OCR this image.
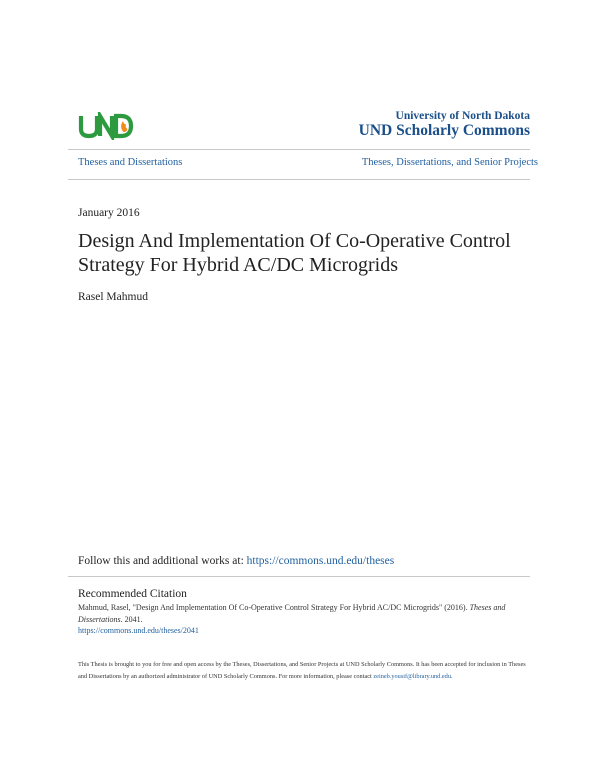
University of North Dakota
UND Scholarly Commons
Theses and Dissertations	Theses, Dissertations, and Senior Projects
January 2016
Design And Implementation Of Co-Operative Control Strategy For Hybrid AC/DC Microgrids
Rasel Mahmud
Follow this and additional works at: https://commons.und.edu/theses
Recommended Citation
Mahmud, Rasel, "Design And Implementation Of Co-Operative Control Strategy For Hybrid AC/DC Microgrids" (2016). Theses and Dissertations. 2041.
https://commons.und.edu/theses/2041
This Thesis is brought to you for free and open access by the Theses, Dissertations, and Senior Projects at UND Scholarly Commons. It has been accepted for inclusion in Theses and Dissertations by an authorized administrator of UND Scholarly Commons. For more information, please contact zeineb.yousif@library.und.edu.
